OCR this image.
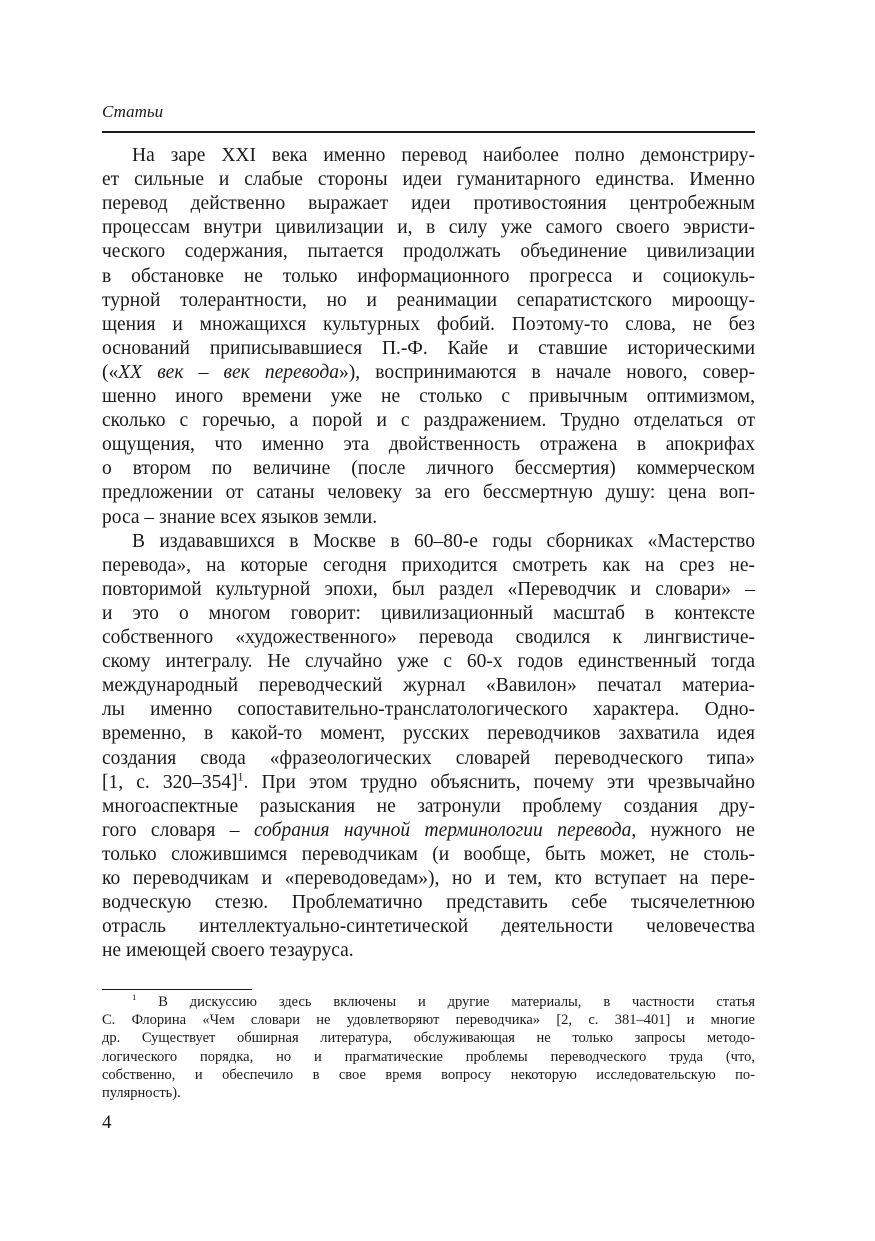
Статьи
На заре XXI века именно перевод наиболее полно демонстриру-
ет сильные и слабые стороны идеи гуманитарного единства. Именно
перевод действенно выражает идеи противостояния центробежным
процессам внутри цивилизации и, в силу уже самого своего эвристи-
ческого содержания, пытается продолжать объединение цивилизации
в обстановке не только информационного прогресса и социокуль-
турной толерантности, но и реанимации сепаратистского мироощу-
щения и множащихся культурных фобий. Поэтому-то слова, не без
оснований приписывавшиеся П.-Ф. Кайе и ставшие историческими
(«XX век – век перевода»), воспринимаются в начале нового, совер-
шенно иного времени уже не столько с привычным оптимизмом,
сколько с горечью, а порой и с раздражением. Трудно отделаться от
ощущения, что именно эта двойственность отражена в апокрифах
о втором по величине (после личного бессмертия) коммерческом
предложении от сатаны человеку за его бессмертную душу: цена воп-
роса – знание всех языков земли.
В издававшихся в Москве в 60–80-е годы сборниках «Мастерство
перевода», на которые сегодня приходится смотреть как на срез не-
повторимой культурной эпохи, был раздел «Переводчик и словари» –
и это о многом говорит: цивилизационный масштаб в контексте
собственного «художественного» перевода сводился к лингвистиче-
скому интегралу. Не случайно уже с 60-х годов единственный тогда
международный переводческий журнал «Вавилон» печатал материа-
лы именно сопоставительно-транслатологического характера. Одно-
временно, в какой-то момент, русских переводчиков захватила идея
создания свода «фразеологических словарей переводческого типа»
[1, с. 320–354]$^1$. При этом трудно объяснить, почему эти чрезвычайно
многоаспектные разыскания не затронули проблему создания дру-
гого словаря – собрания научной терминологии перевода, нужного не
только сложившимся переводчикам (и вообще, быть может, не столь-
ко переводчикам и «переводоведам»), но и тем, кто вступает на пере-
водческую стезю. Проблематично представить себе тысячелетнюю
отрасль интеллектуально-синтетической деятельности человечества
не имеющей своего тезауруса.
$^1$ В дискуссию здесь включены и другие материалы, в частности статья
С. Флорина «Чем словари не удовлетворяют переводчика» [2, с. 381–401] и многие
др. Существует обширная литература, обслуживающая не только запросы методо-
логического порядка, но и прагматические проблемы переводческого труда (что,
собственно, и обеспечило в свое время вопросу некоторую исследовательскую по-
пулярность).
4
